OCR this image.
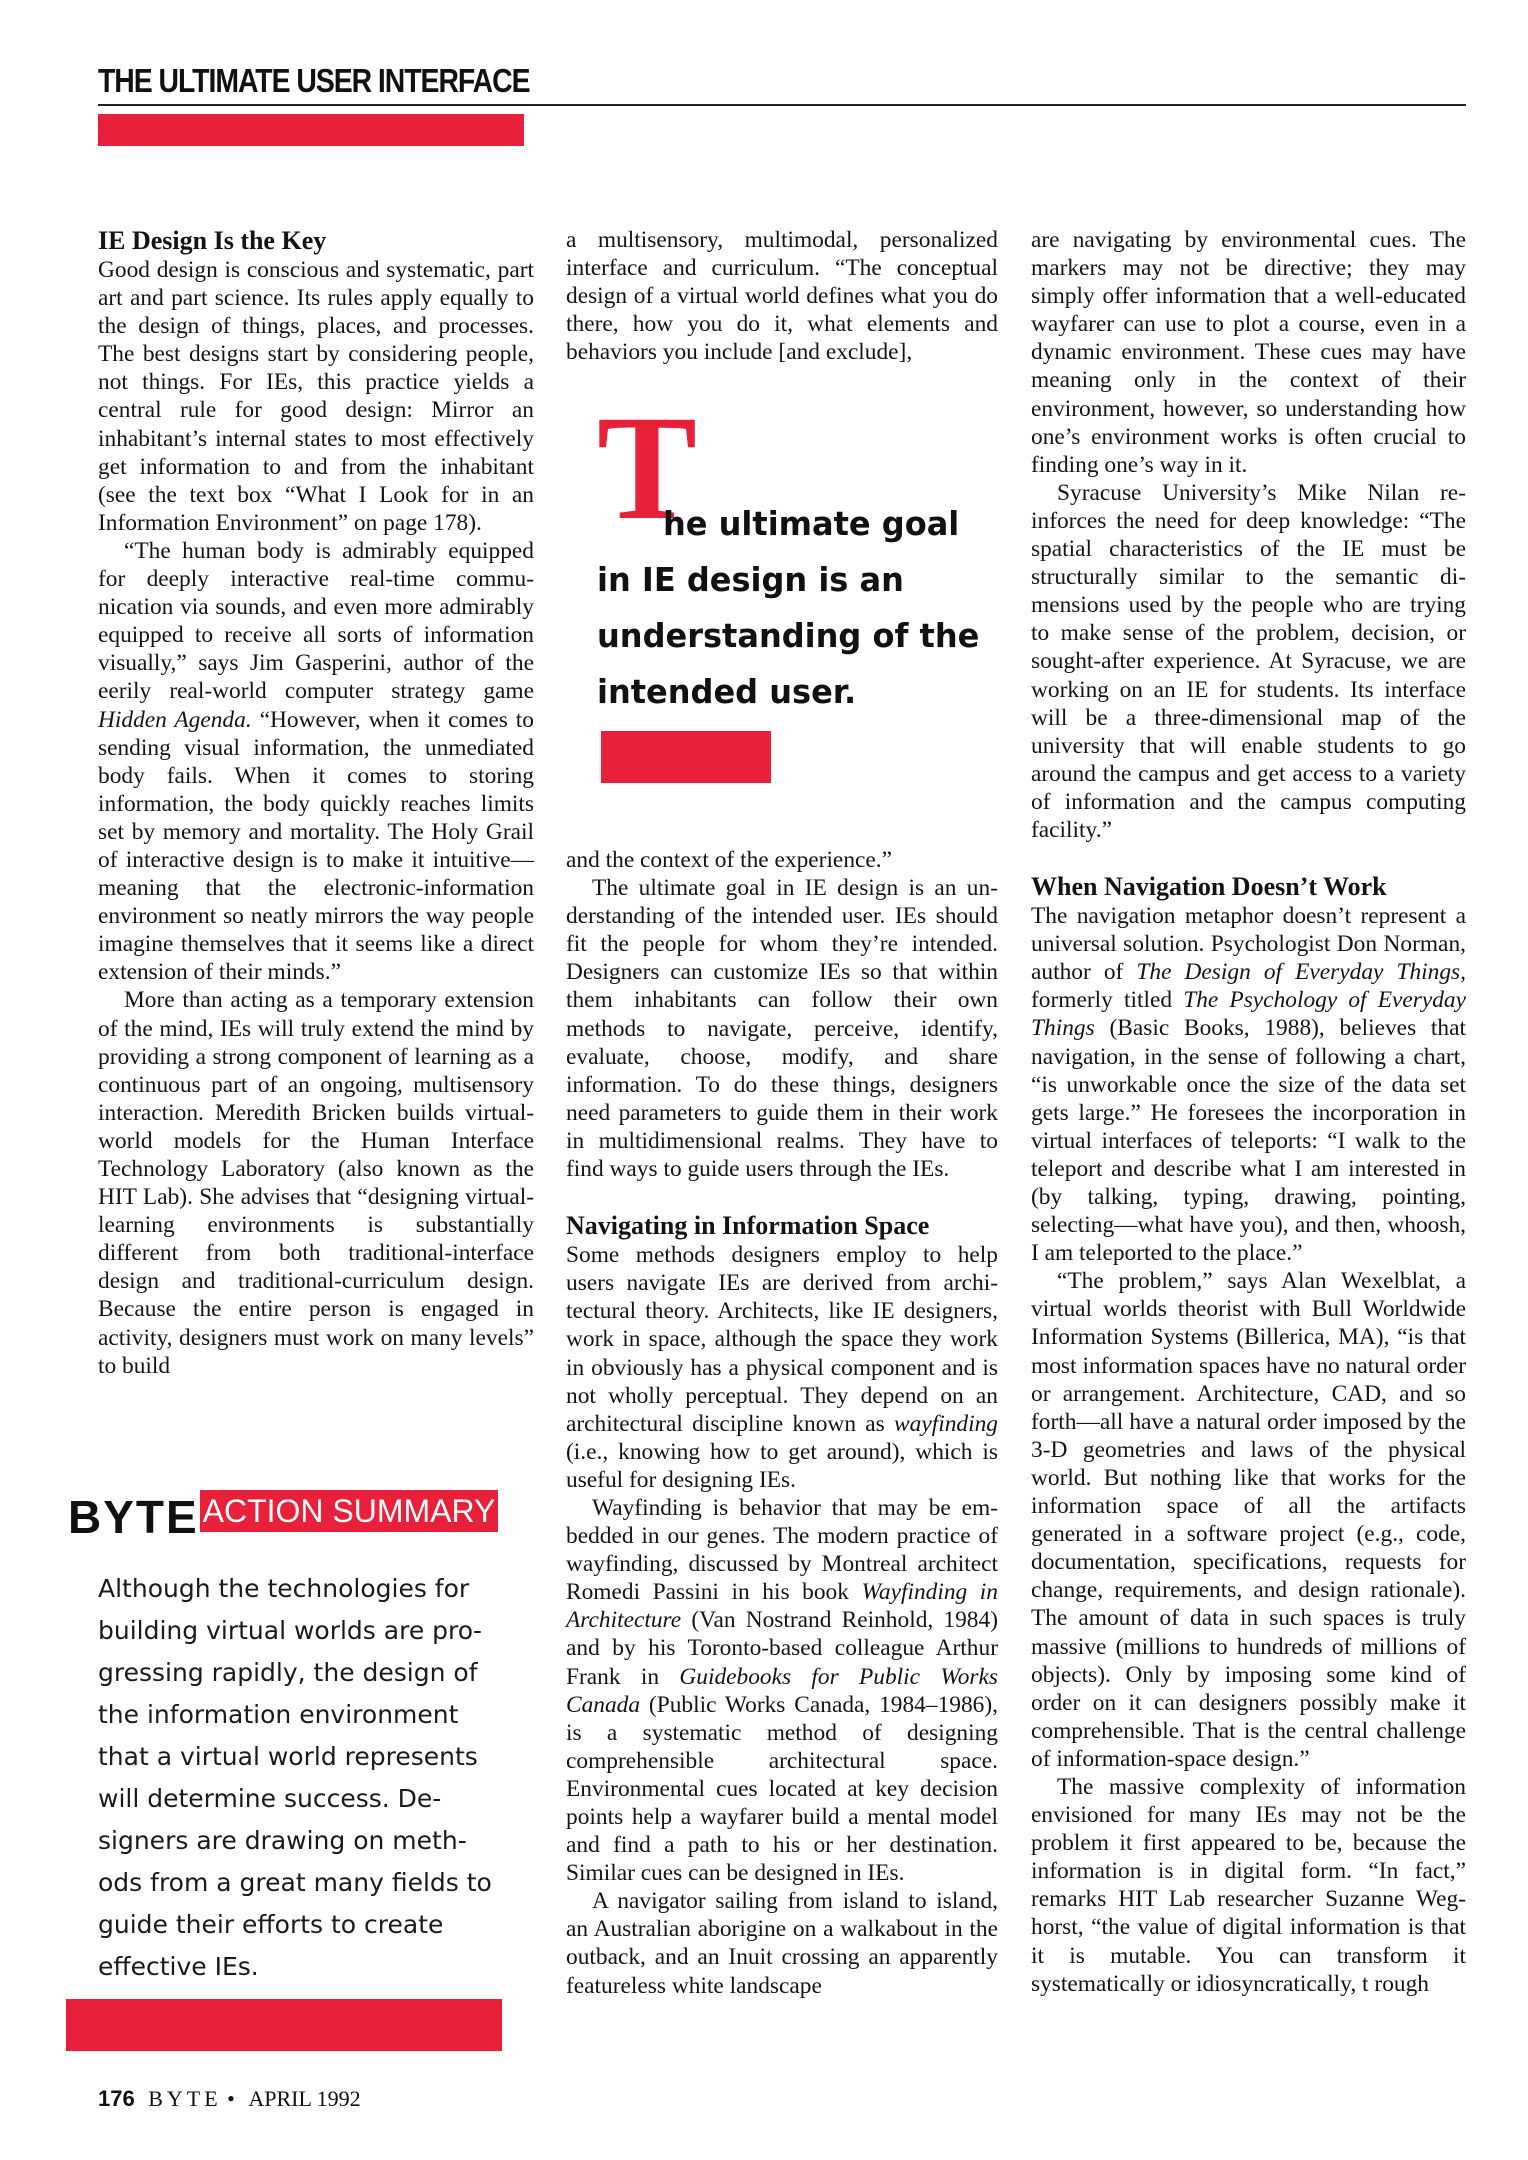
THE ULTIMATE USER INTERFACE
IE Design Is the Key

Good design is conscious and systematic, part art and part science. Its rules apply equally to the design of things, places, and processes. The best designs start by considering people, not things. For IEs, this practice yields a central rule for good design: Mirror an inhabitant’s internal states to most effectively get information to and from the inhabitant (see the text box “What I Look for in an Information Environment” on page 178).

“The human body is admirably equipped for deeply interactive real-time communication via sounds, and even more admirably equipped to receive all sorts of information visually,” says Jim Gasperini, author of the eerily real-world computer strategy game Hidden Agenda. “However, when it comes to sending visual information, the unmediated body fails. When it comes to storing information, the body quickly reaches limits set by memory and mortality. The Holy Grail of interactive design is to make it intuitive—meaning that the electronic-information environment so neatly mirrors the way people imagine themselves that it seems like a direct extension of their minds.”

More than acting as a temporary extension of the mind, IEs will truly extend the mind by providing a strong component of learning as a continuous part of an ongoing, multisensory interaction. Meredith Bricken builds virtual-world models for the Human Interface Technology Laboratory (also known as the HIT Lab). She advises that “designing virtual-learning environments is substantially different from both traditional-interface design and traditional-curriculum design. Because the entire person is engaged in activity, designers must work on many levels” to build

a multisensory, multimodal, personalized interface and curriculum. “The conceptual design of a virtual world defines what you do there, how you do it, what elements and behaviors you include [and exclude],

T
he ultimate goal
in IE design is an
understanding of the
intended user.

and the context of the experience.”

The ultimate goal in IE design is an understanding of the intended user. IEs should fit the people for whom they’re intended. Designers can customize IEs so that within them inhabitants can follow their own methods to navigate, perceive, identify, evaluate, choose, modify, and share information. To do these things, designers need parameters to guide them in their work in multidimensional realms. They have to find ways to guide users through the IEs.

Navigating in Information Space

Some methods designers employ to help users navigate IEs are derived from architectural theory. Architects, like IE designers, work in space, although the space they work in obviously has a physical component and is not wholly perceptual. They depend on an architectural discipline known as wayfinding (i.e., knowing how to get around), which is useful for designing IEs.

Wayfinding is behavior that may be embedded in our genes. The modern practice of wayfinding, discussed by Montreal architect Romedi Passini in his book Wayfinding in Architecture (Van Nostrand Reinhold, 1984) and by his Toronto-based colleague Arthur Frank in Guidebooks for Public Works Canada (Public Works Canada, 1984–1986), is a systematic method of designing comprehensible architectural space. Environmental cues located at key decision points help a wayfarer build a mental model and find a path to his or her destination. Similar cues can be designed in IEs.

A navigator sailing from island to island, an Australian aborigine on a walkabout in the outback, and an Inuit crossing an apparently featureless white landscape

are navigating by environmental cues. The markers may not be directive; they may simply offer information that a well-educated wayfarer can use to plot a course, even in a dynamic environment. These cues may have meaning only in the context of their environment, however, so understanding how one’s environment works is often crucial to finding one’s way in it.

Syracuse University’s Mike Nilan reinforces the need for deep knowledge: “The spatial characteristics of the IE must be structurally similar to the semantic dimensions used by the people who are trying to make sense of the problem, decision, or sought-after experience. At Syracuse, we are working on an IE for students. Its interface will be a three-dimensional map of the university that will enable students to go around the campus and get access to a variety of information and the campus computing facility.”

When Navigation Doesn’t Work

The navigation metaphor doesn’t represent a universal solution. Psychologist Don Norman, author of The Design of Everyday Things, formerly titled The Psychology of Everyday Things (Basic Books, 1988), believes that navigation, in the sense of following a chart, “is unworkable once the size of the data set gets large.” He foresees the incorporation in virtual interfaces of teleports: “I walk to the teleport and describe what I am interested in (by talking, typing, drawing, pointing, selecting—what have you), and then, whoosh, I am teleported to the place.”

“The problem,” says Alan Wexelblat, a virtual worlds theorist with Bull Worldwide Information Systems (Billerica, MA), “is that most information spaces have no natural order or arrangement. Architecture, CAD, and so forth—all have a natural order imposed by the 3-D geometries and laws of the physical world. But nothing like that works for the information space of all the artifacts generated in a software project (e.g., code, documentation, specifications, requests for change, requirements, and design rationale). The amount of data in such spaces is truly massive (millions to hundreds of millions of objects). Only by imposing some kind of order on it can designers possibly make it comprehensible. That is the central challenge of information-space design.”

The massive complexity of information envisioned for many IEs may not be the problem it first appeared to be, because the information is in digital form. “In fact,” remarks HIT Lab researcher Suzanne Weghorst, “the value of digital information is that it is mutable. You can transform it systematically or idiosyncratically, t rough

BYTE ACTION SUMMARY
Although the technologies for building virtual worlds are progressing rapidly, the design of the information environment that a virtual world represents will determine success. Designers are drawing on methods from a great many fields to guide their efforts to create effective IEs.
176 BYTE • APRIL 1992
